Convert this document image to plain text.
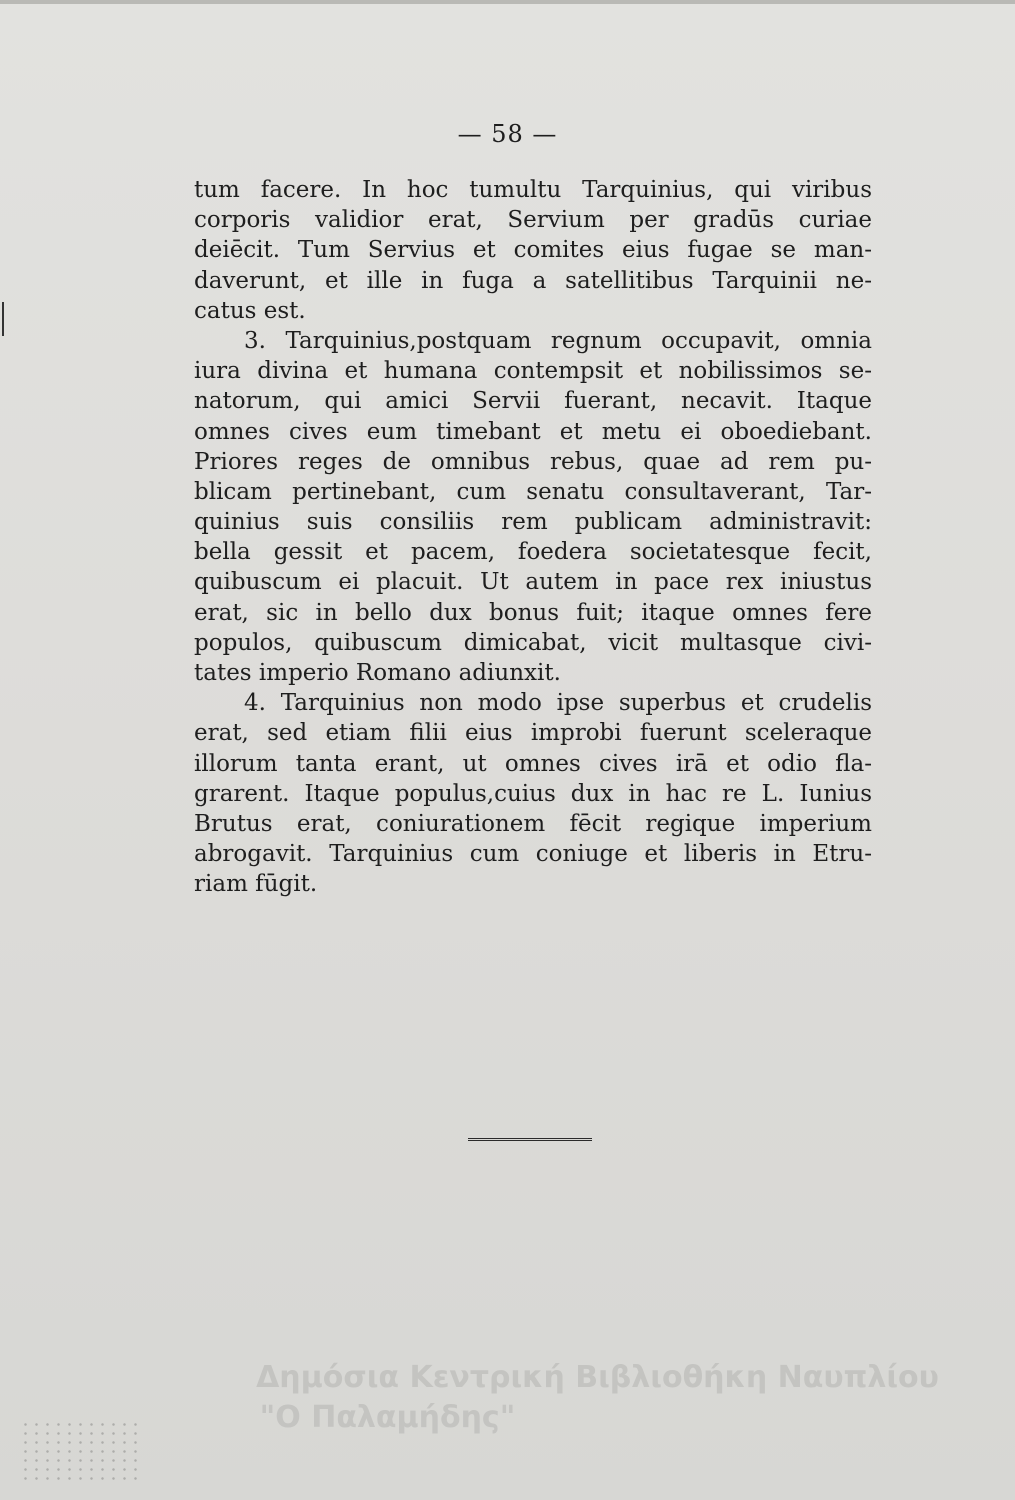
— 58 —
tum facere. In hoc tumultu Tarquinius, qui viribus
corporis validior erat, Servium per gradūs curiae
deiēcit. Tum Servius et comites eius fugae se man-
daverunt, et ille in fuga a satellitibus Tarquinii ne-
catus est.
3. Tarquinius,postquam regnum occupavit, omnia
iura divina et humana contempsit et nobilissimos se-
natorum, qui amici Servii fuerant, necavit. Itaque
omnes cives eum timebant et metu ei oboediebant.
Priores reges de omnibus rebus, quae ad rem pu-
blicam pertinebant, cum senatu consultaverant, Tar-
quinius suis consiliis rem publicam administravit:
bella gessit et pacem, foedera societatesque fecit,
quibuscum ei placuit. Ut autem in pace rex iniustus
erat, sic in bello dux bonus fuit; itaque omnes fere
populos, quibuscum dimicabat, vicit multasque civi-
tates imperio Romano adiunxit.
4. Tarquinius non modo ipse superbus et crudelis
erat, sed etiam filii eius improbi fuerunt sceleraque
illorum tanta erant, ut omnes cives irā et odio fla-
grarent. Itaque populus,cuius dux in hac re L. Iunius
Brutus erat, coniurationem fēcit regique imperium
abrogavit. Tarquinius cum coniuge et liberis in Etru-
riam fūgit.
Δημόσια Κεντρική Βιβλιοθήκη Ναυπλίου
"Ο Παλαμήδης"
